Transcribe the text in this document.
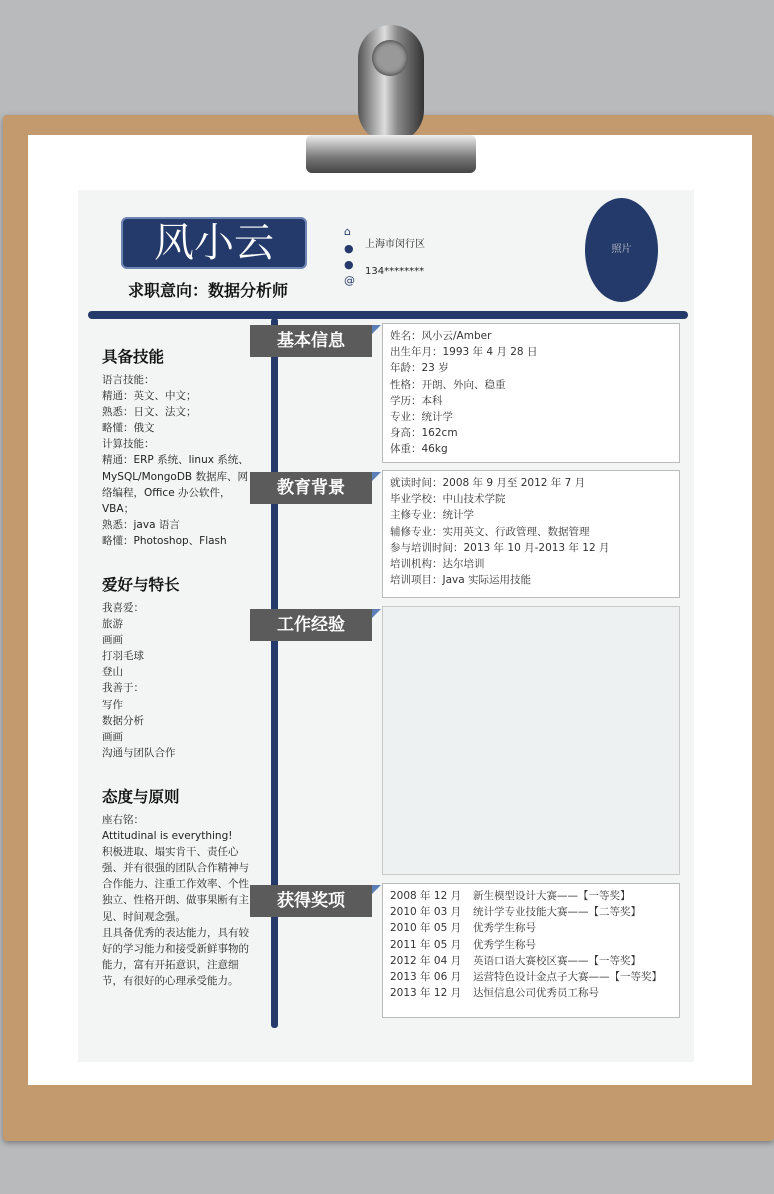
风小云
求职意向：数据分析师
⌂
上海市闵行区
●
●
134********
@
照片
具备技能
语言技能：
精通：英文、中文；
熟悉：日文、法文；
略懂：俄文
计算技能：
精通：ERP 系统、linux 系统、MySQL/MongoDB 数据库、网络编程，Office 办公软件，VBA；
熟悉：java 语言
略懂：Photoshop、Flash
爱好与特长
我喜爱：
旅游
画画
打羽毛球
登山
我善于：
写作
数据分析
画画
沟通与团队合作
态度与原则
座右铭：
Attitudinal is everything!
积极进取、塌实肯干、责任心强、并有很强的团队合作精神与合作能力、注重工作效率、个性独立、性格开朗、做事果断有主见、时间观念强。
且具备优秀的表达能力，具有较好的学习能力和接受新鲜事物的能力，富有开拓意识，注意细节，有很好的心理承受能力。
基本信息
教育背景
工作经验
获得奖项
姓名：风小云/Amber
出生年月：1993 年 4 月 28 日
年龄：23 岁
性格：开朗、外向、稳重
学历：本科
专业：统计学
身高：162cm
体重：46kg
就读时间：2008 年 9 月至 2012 年 7 月
毕业学校：中山技术学院
主修专业：统计学
辅修专业：实用英文、行政管理、数据管理
参与培训时间：2013 年 10 月-2013 年 12 月
培训机构：达尔培训
培训项目：Java 实际运用技能
2008 年 12 月	新生模型设计大赛——【一等奖】
2010 年 03 月	统计学专业技能大赛——【二等奖】
2010 年 05 月	优秀学生称号
2011 年 05 月	优秀学生称号
2012 年 04 月	英语口语大赛校区赛——【一等奖】
2013 年 06 月	运营特色设计金点子大赛——【一等奖】
2013 年 12 月	达恒信息公司优秀员工称号
